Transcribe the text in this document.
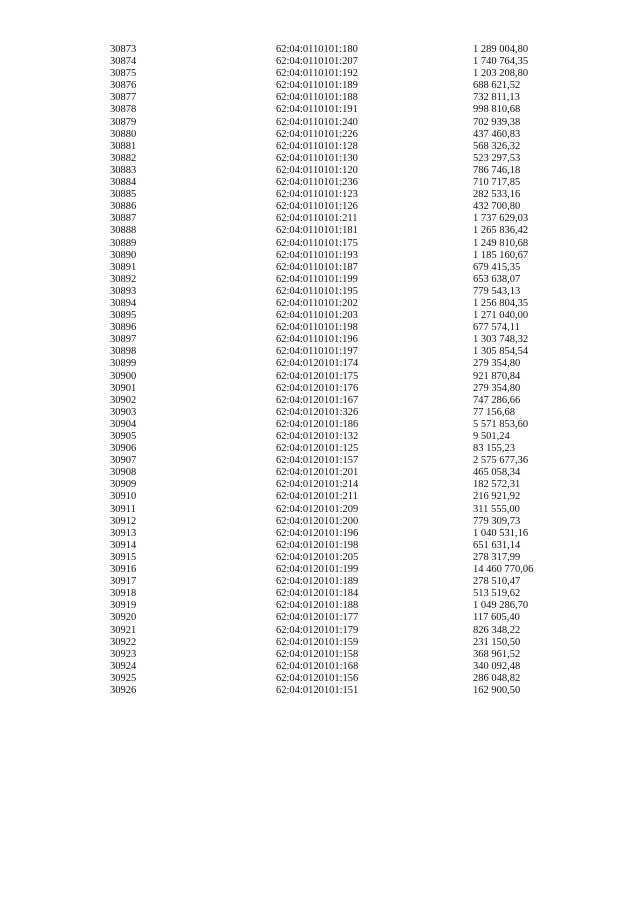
30873	62:04:0110101:180	1 289 004,80
30874	62:04:0110101:207	1 740 764,35
30875	62:04:0110101:192	1 203 208,80
30876	62:04:0110101:189	688 621,52
30877	62:04:0110101:188	732 811,13
30878	62:04:0110101:191	998 810,68
30879	62:04:0110101:240	702 939,38
30880	62:04:0110101:226	437 460,83
30881	62:04:0110101:128	568 326,32
30882	62:04:0110101:130	523 297,53
30883	62:04:0110101:120	786 746,18
30884	62:04:0110101:236	710 717,85
30885	62:04:0110101:123	282 533,16
30886	62:04:0110101:126	432 700,80
30887	62:04:0110101:211	1 737 629,03
30888	62:04:0110101:181	1 265 836,42
30889	62:04:0110101:175	1 249 810,68
30890	62:04:0110101:193	1 185 160,67
30891	62:04:0110101:187	679 415,35
30892	62:04:0110101:199	653 638,07
30893	62:04:0110101:195	779 543,13
30894	62:04:0110101:202	1 256 804,35
30895	62:04:0110101:203	1 271 040,00
30896	62:04:0110101:198	677 574,11
30897	62:04:0110101:196	1 303 748,32
30898	62:04:0110101:197	1 305 854,54
30899	62:04:0120101:174	279 354,80
30900	62:04:0120101:175	921 870,84
30901	62:04:0120101:176	279 354,80
30902	62:04:0120101:167	747 286,66
30903	62:04:0120101:326	77 156,68
30904	62:04:0120101:186	5 571 853,60
30905	62:04:0120101:132	9 501,24
30906	62:04:0120101:125	83 155,23
30907	62:04:0120101:157	2 575 677,36
30908	62:04:0120101:201	465 058,34
30909	62:04:0120101:214	182 572,31
30910	62:04:0120101:211	216 921,92
30911	62:04:0120101:209	311 555,00
30912	62:04:0120101:200	779 309,73
30913	62:04:0120101:196	1 040 531,16
30914	62:04:0120101:198	651 631,14
30915	62:04:0120101:205	278 317,99
30916	62:04:0120101:199	14 460 770,06
30917	62:04:0120101:189	278 510,47
30918	62:04:0120101:184	513 519,62
30919	62:04:0120101:188	1 049 286,70
30920	62:04:0120101:177	117 605,40
30921	62:04:0120101:179	826 348,22
30922	62:04:0120101:159	231 150,50
30923	62:04:0120101:158	368 961,52
30924	62:04:0120101:168	340 092,48
30925	62:04:0120101:156	286 048,82
30926	62:04:0120101:151	162 900,50
